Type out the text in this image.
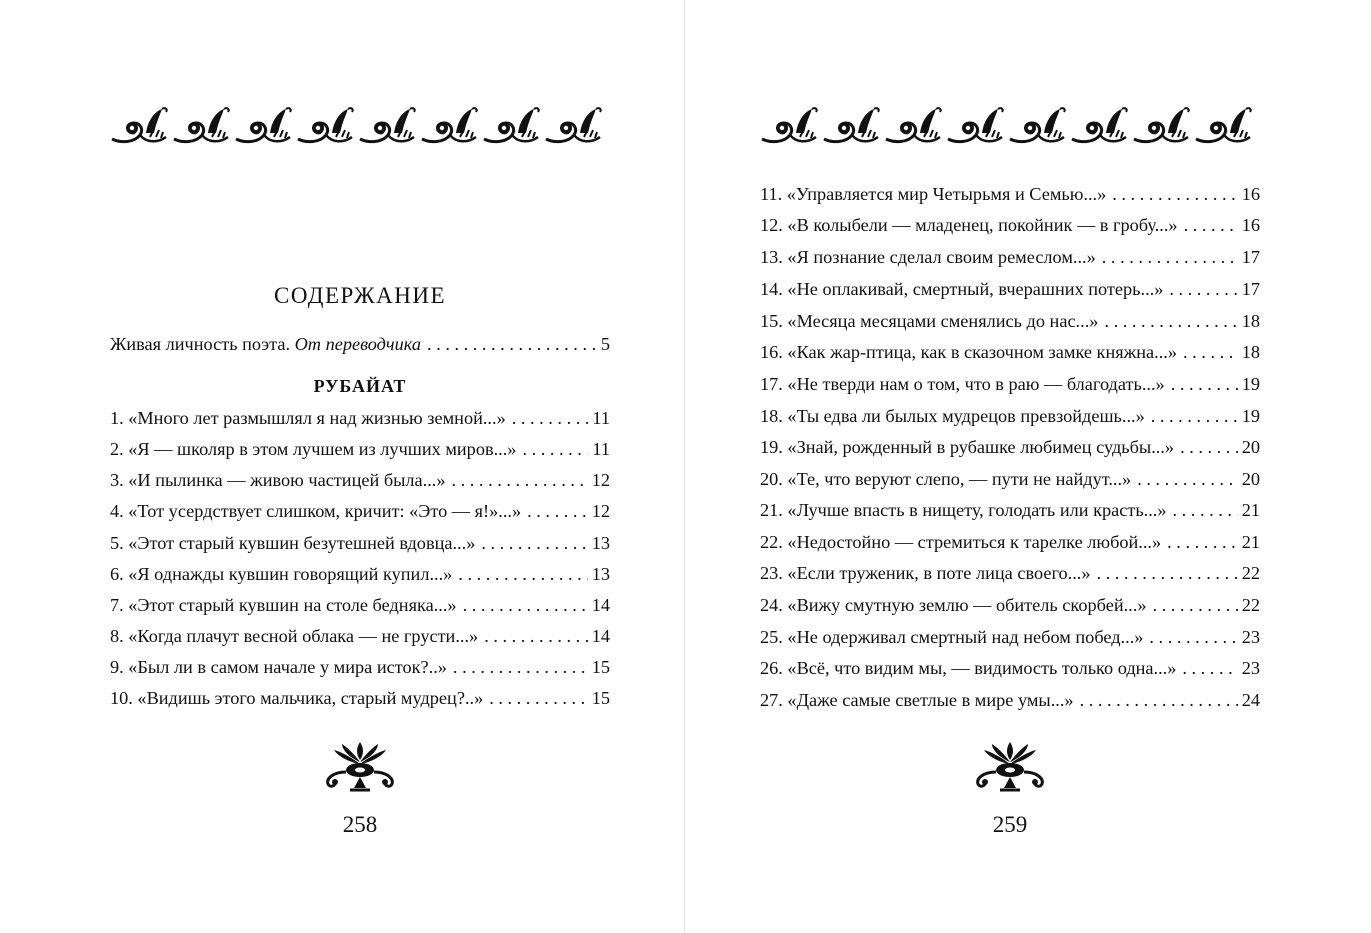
СОДЕРЖАНИЕ
Живая личность поэта. От переводчика . . .	5
РУБАЙАТ
1. «Много лет размышлял я над жизнью земной...» . . .	11
2. «Я — школяр в этом лучшем из лучших миров...» . . .	11
3. «И пылинка — живою частицей была...» . . .	12
4. «Тот усердствует слишком, кричит: «Это — я!»...» . . .	12
5. «Этот старый кувшин безутешней вдовца...» . . .	13
6. «Я однажды кувшин говорящий купил...» . . .	13
7. «Этот старый кувшин на столе бедняка...» . . .	14
8. «Когда плачут весной облака — не грусти...» . . .	14
9. «Был ли в самом начале у мира исток?..» . . .	15
10. «Видишь этого мальчика, старый мудрец?..» . . .	15
258
11. «Управляется мир Четырьмя и Семью...» . . .	16
12. «В колыбели — младенец, покойник — в гробу...» . . .	16
13. «Я познание сделал своим ремеслом...» . . .	17
14. «Не оплакивай, смертный, вчерашних потерь...» . . .	17
15. «Месяца месяцами сменялись до нас...» . . .	18
16. «Как жар-птица, как в сказочном замке княжна...» . . .	18
17. «Не тверди нам о том, что в раю — благодать...» . . .	19
18. «Ты едва ли былых мудрецов превзойдешь...» . . .	19
19. «Знай, рожденный в рубашке любимец судьбы...» . . .	20
20. «Те, что веруют слепо, — пути не найдут...» . . .	20
21. «Лучше впасть в нищету, голодать или красть...» . . .	21
22. «Недостойно — стремиться к тарелке любой...» . . .	21
23. «Если труженик, в поте лица своего...» . . .	22
24. «Вижу смутную землю — обитель скорбей...» . . .	22
25. «Не одерживал смертный над небом побед...» . . .	23
26. «Всё, что видим мы, — видимость только одна...» . . .	23
27. «Даже самые светлые в мире умы...» . . .	24
259
